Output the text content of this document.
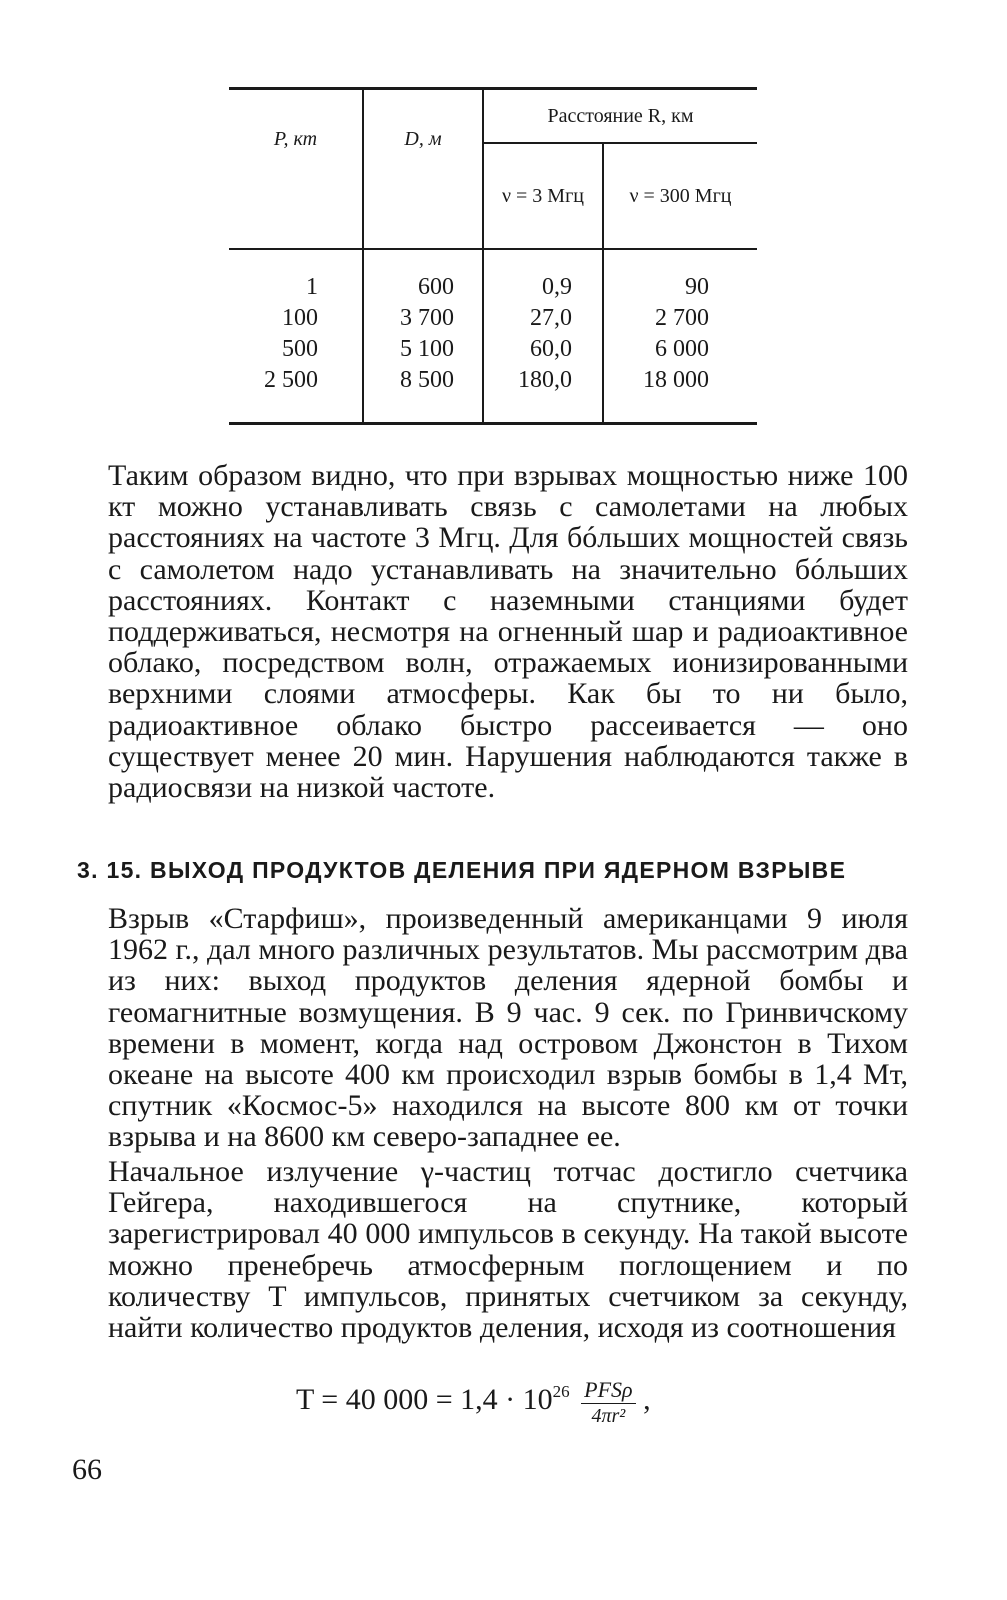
P, кт	D, м	Расстояние R, км	
		ν = 3 Мгц	ν = 300 Мгц

1	600	0,9	90
100	3 700	27,0	2 700
500	5 100	60,0	6 000
2 500	8 500	180,0	18 000

Таким образом видно, что при взрывах мощностью ниже 100 кт можно устанавливать связь с самолетами на любых расстояниях на частоте 3 Мгц. Для бóльших мощностей связь с самолетом надо устанавливать на значительно бóльших расстояниях. Контакт с наземными станциями будет поддерживаться, несмотря на огненный шар и радиоактивное облако, посредством волн, отражаемых ионизированными верхними слоями атмосферы. Как бы то ни было, радиоактивное облако быстро рассеивается — оно существует менее 20 мин. Нарушения наблюдаются также в радиосвязи на низкой частоте.

3. 15. ВЫХОД ПРОДУКТОВ ДЕЛЕНИЯ ПРИ ЯДЕРНОМ ВЗРЫВЕ

Взрыв «Старфиш», произведенный американцами 9 июля 1962 г., дал много различных результатов. Мы рассмотрим два из них: выход продуктов деления ядерной бомбы и геомагнитные возмущения. В 9 час. 9 сек. по Гринвичскому времени в момент, когда над островом Джонстон в Тихом океане на высоте 400 км происходил взрыв бомбы в 1,4 Мт, спутник «Космос-5» находился на высоте 800 км от точки взрыва и на 8600 км северо-западнее ее.

Начальное излучение γ-частиц тотчас достигло счетчика Гейгера, находившегося на спутнике, который зарегистрировал 40 000 импульсов в секунду. На такой высоте можно пренебречь атмосферным поглощением и по количеству T импульсов, принятых счетчиком за секунду, найти количество продуктов деления, исходя из соотношения

T = 40 $000 = 1,4 \cdot 10^{26} \frac{\text{PFSρ}}{\text{4πr²}}$ ,
66
